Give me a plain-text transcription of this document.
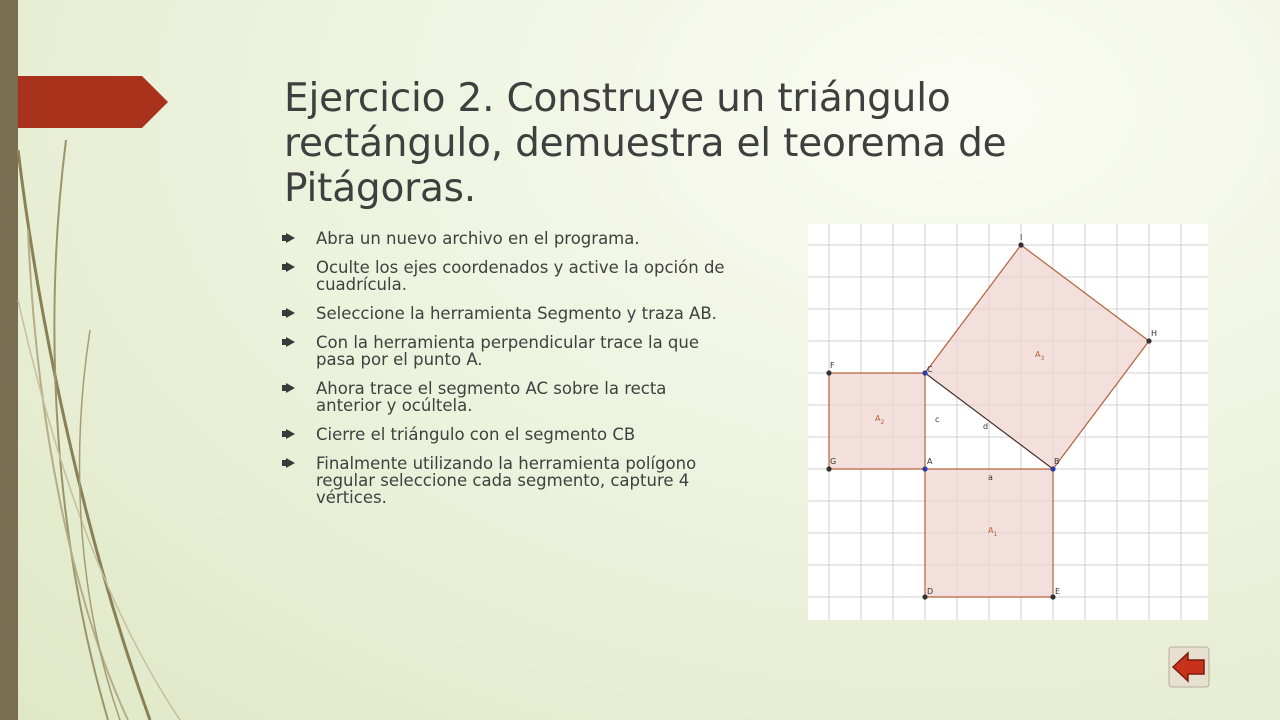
Ejercicio 2. Construye un triángulo rectángulo, demuestra el teorema de Pitágoras.
Abra un nuevo archivo en el programa.
Oculte los ejes coordenados y active la opción de cuadrícula.
Seleccione la herramienta Segmento y traza AB.
Con la herramienta perpendicular trace la que pasa por el punto A.
Ahora trace el segmento AC sobre la recta anterior y ocúltela.
Cierre el triángulo con el segmento CB
Finalmente utilizando la herramienta polígono regular seleccione cada segmento, capture 4 vértices.
I
H
F	C
G	A	B
D	E
c
d
a
$A_2$
$A_1$
$A_3$
